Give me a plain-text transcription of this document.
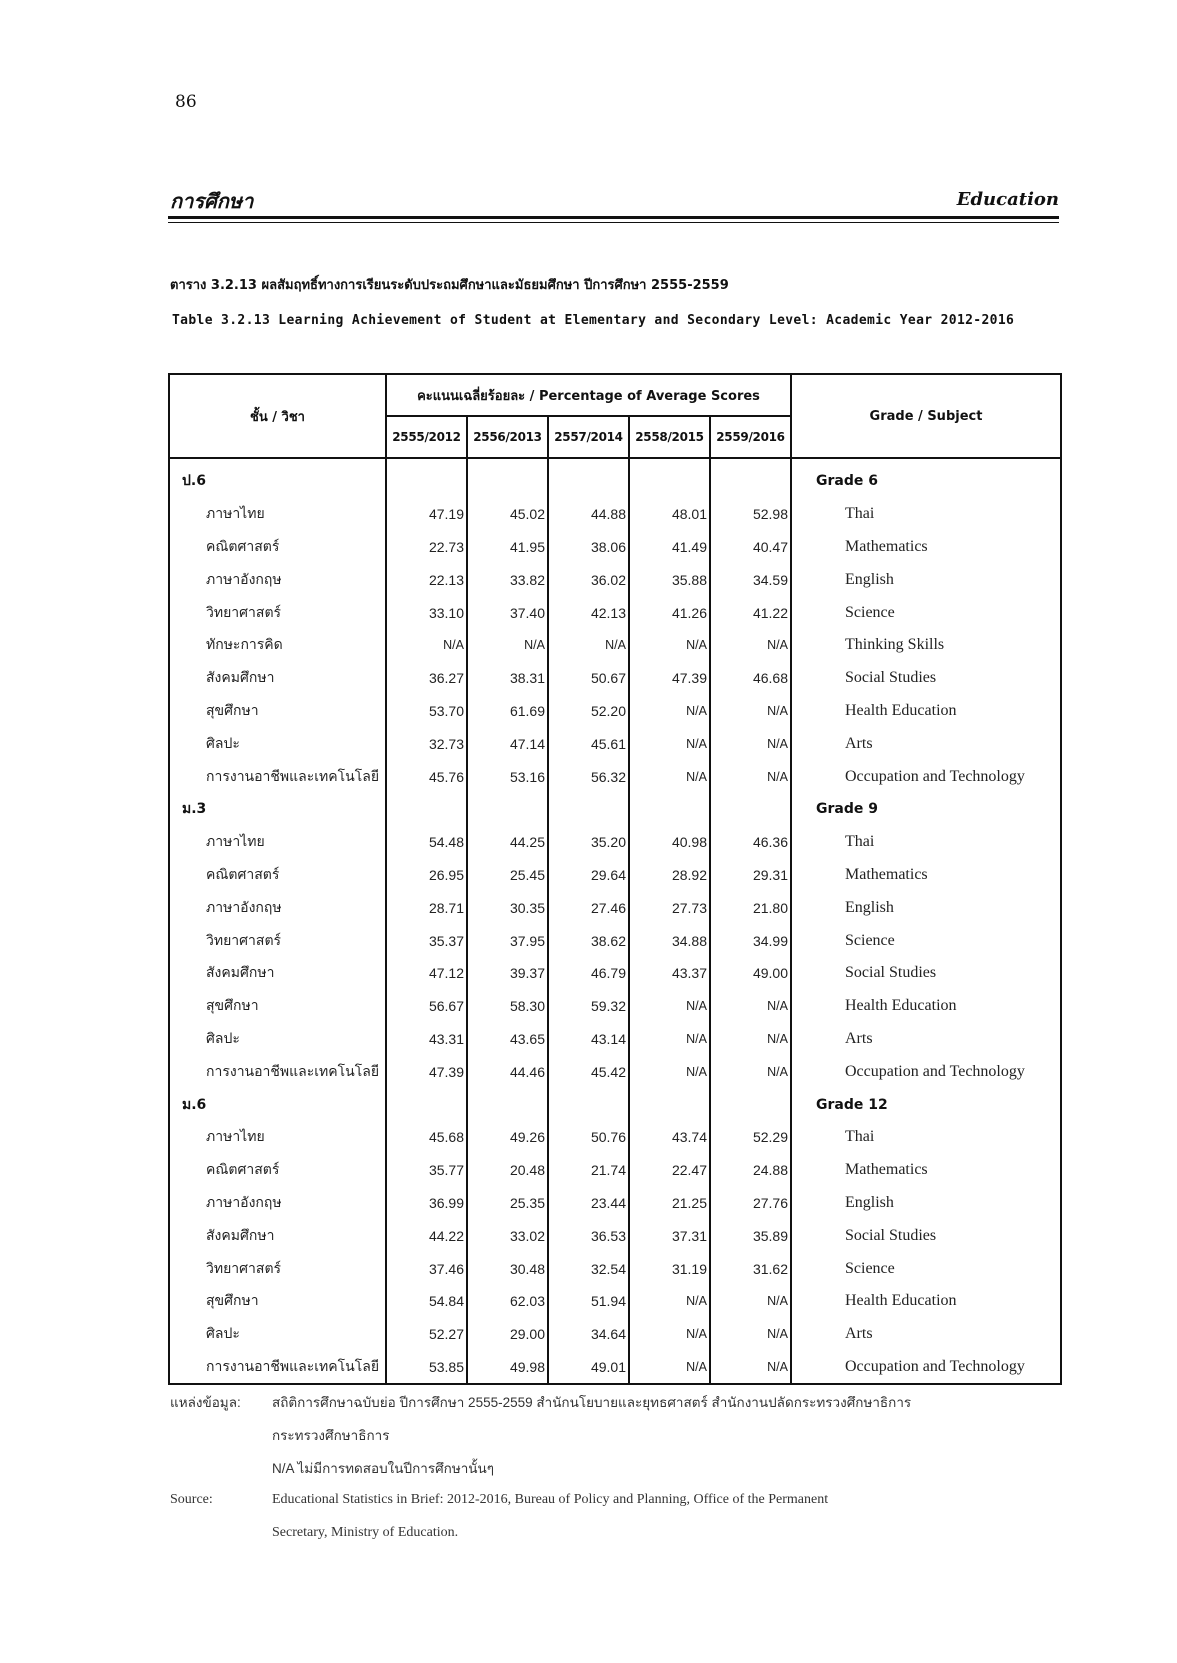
86
การศึกษา	Education
ตาราง 3.2.13 ผลสัมฤทธิ์ทางการเรียนระดับประถมศึกษาและมัธยมศึกษา ปีการศึกษา 2555-2559
Table 3.2.13 Learning Achievement of Student at Elementary and Secondary Level: Academic Year 2012-2016
ชั้น / วิชา	คะแนนเฉลี่ยร้อยละ / Percentage of Average Scores					Grade / Subject
	2555/2012	2556/2013	2557/2014	2558/2015	2559/2016	
ป.6						Grade 6
ภาษาไทย	47.19	45.02	44.88	48.01	52.98	Thai
คณิตศาสตร์	22.73	41.95	38.06	41.49	40.47	Mathematics
ภาษาอังกฤษ	22.13	33.82	36.02	35.88	34.59	English
วิทยาศาสตร์	33.10	37.40	42.13	41.26	41.22	Science
ทักษะการคิด	N/A	N/A	N/A	N/A	N/A	Thinking Skills
สังคมศึกษา	36.27	38.31	50.67	47.39	46.68	Social Studies
สุขศึกษา	53.70	61.69	52.20	N/A	N/A	Health Education
ศิลปะ	32.73	47.14	45.61	N/A	N/A	Arts
การงานอาชีพและเทคโนโลยี	45.76	53.16	56.32	N/A	N/A	Occupation and Technology
ม.3						Grade 9
ภาษาไทย	54.48	44.25	35.20	40.98	46.36	Thai
คณิตศาสตร์	26.95	25.45	29.64	28.92	29.31	Mathematics
ภาษาอังกฤษ	28.71	30.35	27.46	27.73	21.80	English
วิทยาศาสตร์	35.37	37.95	38.62	34.88	34.99	Science
สังคมศึกษา	47.12	39.37	46.79	43.37	49.00	Social Studies
สุขศึกษา	56.67	58.30	59.32	N/A	N/A	Health Education
ศิลปะ	43.31	43.65	43.14	N/A	N/A	Arts
การงานอาชีพและเทคโนโลยี	47.39	44.46	45.42	N/A	N/A	Occupation and Technology
ม.6						Grade 12
ภาษาไทย	45.68	49.26	50.76	43.74	52.29	Thai
คณิตศาสตร์	35.77	20.48	21.74	22.47	24.88	Mathematics
ภาษาอังกฤษ	36.99	25.35	23.44	21.25	27.76	English
สังคมศึกษา	44.22	33.02	36.53	37.31	35.89	Social Studies
วิทยาศาสตร์	37.46	30.48	32.54	31.19	31.62	Science
สุขศึกษา	54.84	62.03	51.94	N/A	N/A	Health Education
ศิลปะ	52.27	29.00	34.64	N/A	N/A	Arts
การงานอาชีพและเทคโนโลยี	53.85	49.98	49.01	N/A	N/A	Occupation and Technology
แหล่งข้อมูล: สถิติการศึกษาฉบับย่อ ปีการศึกษา 2555-2559 สำนักนโยบายและยุทธศาสตร์ สำนักงานปลัดกระทรวงศึกษาธิการ
กระทรวงศึกษาธิการ
N/A ไม่มีการทดสอบในปีการศึกษานั้นๆ
Source:	Educational Statistics in Brief: 2012-2016, Bureau of Policy and Planning, Office of the Permanent
Secretary, Ministry of Education.
